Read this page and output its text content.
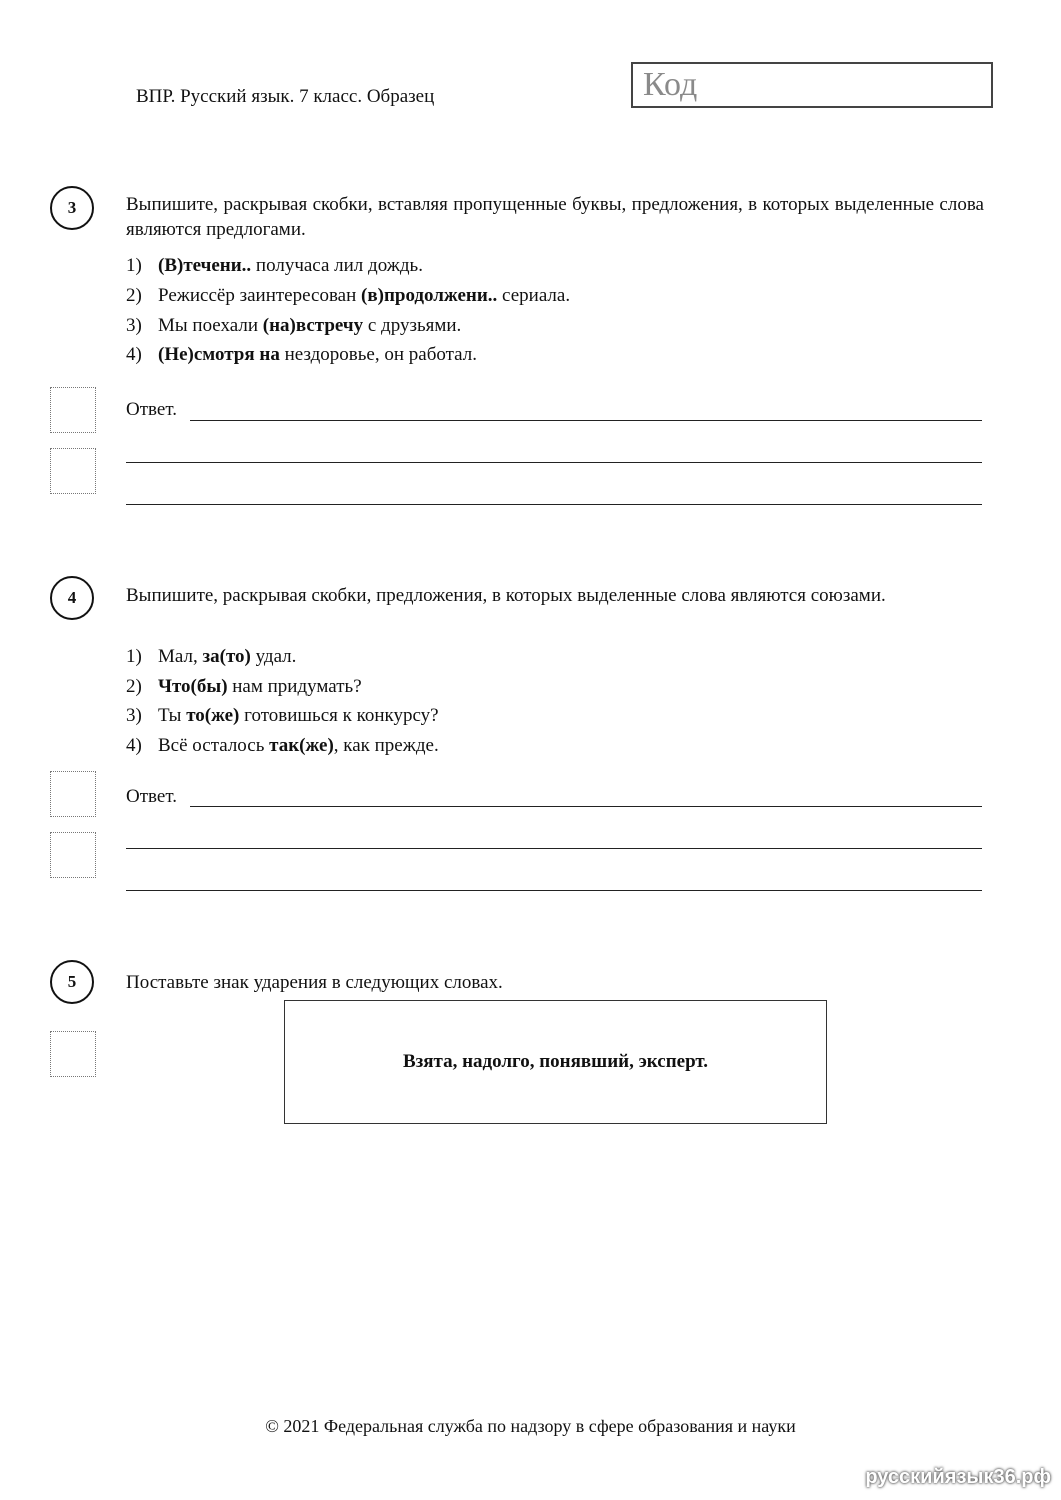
ВПР. Русский язык. 7 класс. Образец	Код
3	Выпишите, раскрывая скобки, вставляя пропущенные буквы, предложения, в которых выделенные слова являются предлогами.
1) (В)течени.. получаса лил дождь.
2) Режиссёр заинтересован (в)продолжени.. сериала.
3) Мы поехали (на)встречу с друзьями.
4) (Не)смотря на нездоровье, он работал.
Ответ.
4	Выпишите, раскрывая скобки, предложения, в которых выделенные слова являются союзами.
1) Мал, за(то) удал.
2) Что(бы) нам придумать?
3) Ты то(же) готовишься к конкурсу?
4) Всё осталось так(же), как прежде.
Ответ.
5	Поставьте знак ударения в следующих словах.
Взята, надолго, понявший, эксперт.
© 2021 Федеральная служба по надзору в сфере образования и науки
русскийязык36.рф
